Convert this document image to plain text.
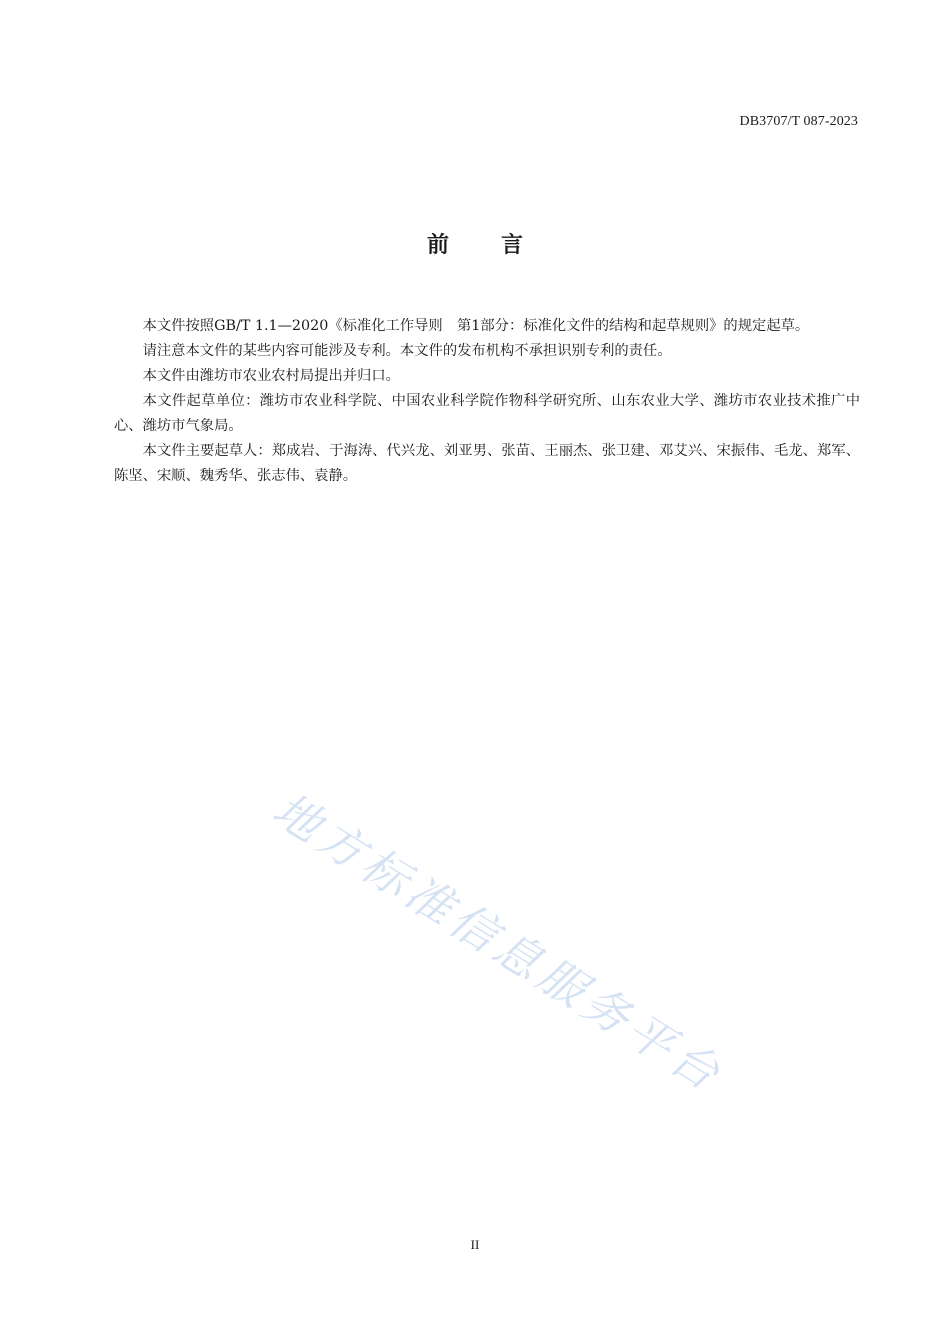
DB3707/T 087-2023
前言

本文件按照GB/T 1.1—2020《标准化工作导则　第1部分：标准化文件的结构和起草规则》的规定起草。

请注意本文件的某些内容可能涉及专利。本文件的发布机构不承担识别专利的责任。

本文件由潍坊市农业农村局提出并归口。

本文件起草单位：潍坊市农业科学院、中国农业科学院作物科学研究所、山东农业大学、潍坊市农业技术推广中心、潍坊市气象局。

本文件主要起草人：郑成岩、于海涛、代兴龙、刘亚男、张苗、王丽杰、张卫建、邓艾兴、宋振伟、毛龙、郑军、陈坚、宋顺、魏秀华、张志伟、袁静。

地方标准信息服务平台
II
